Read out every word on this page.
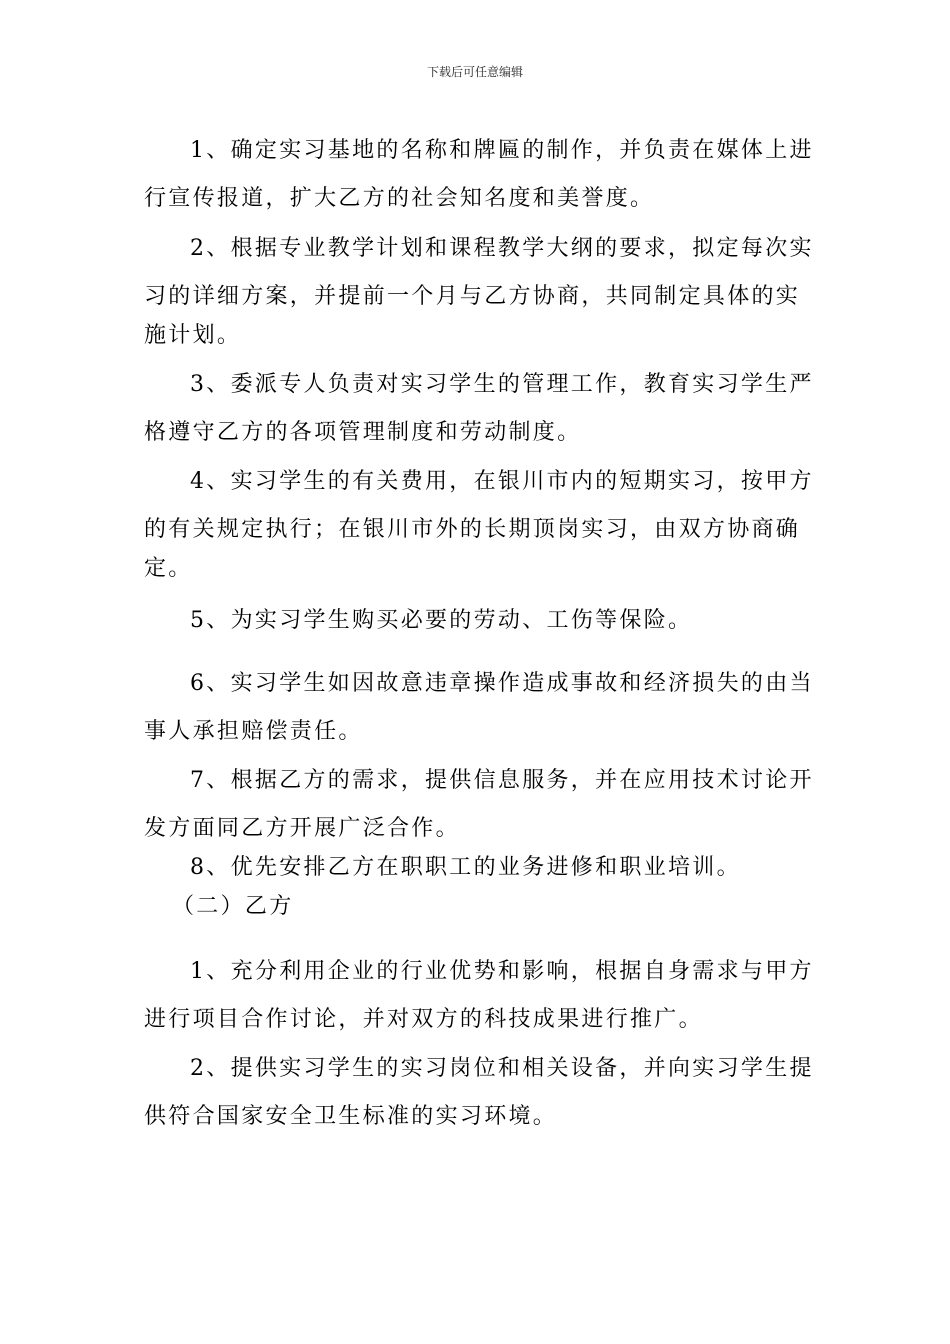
下载后可任意编辑
1、确定实习基地的名称和牌匾的制作，并负责在媒体上进
行宣传报道，扩大乙方的社会知名度和美誉度。
2、根据专业教学计划和课程教学大纲的要求，拟定每次实
习的详细方案，并提前一个月与乙方协商，共同制定具体的实
施计划。
3、委派专人负责对实习学生的管理工作，教育实习学生严
格遵守乙方的各项管理制度和劳动制度。
4、实习学生的有关费用，在银川市内的短期实习，按甲方
的有关规定执行；在银川市外的长期顶岗实习，由双方协商确
定。
5、为实习学生购买必要的劳动、工伤等保险。
6、实习学生如因故意违章操作造成事故和经济损失的由当
事人承担赔偿责任。
7、根据乙方的需求，提供信息服务，并在应用技术讨论开
发方面同乙方开展广泛合作。
8、优先安排乙方在职职工的业务进修和职业培训。
（二）乙方
1、充分利用企业的行业优势和影响，根据自身需求与甲方
进行项目合作讨论，并对双方的科技成果进行推广。
2、提供实习学生的实习岗位和相关设备，并向实习学生提
供符合国家安全卫生标准的实习环境。
